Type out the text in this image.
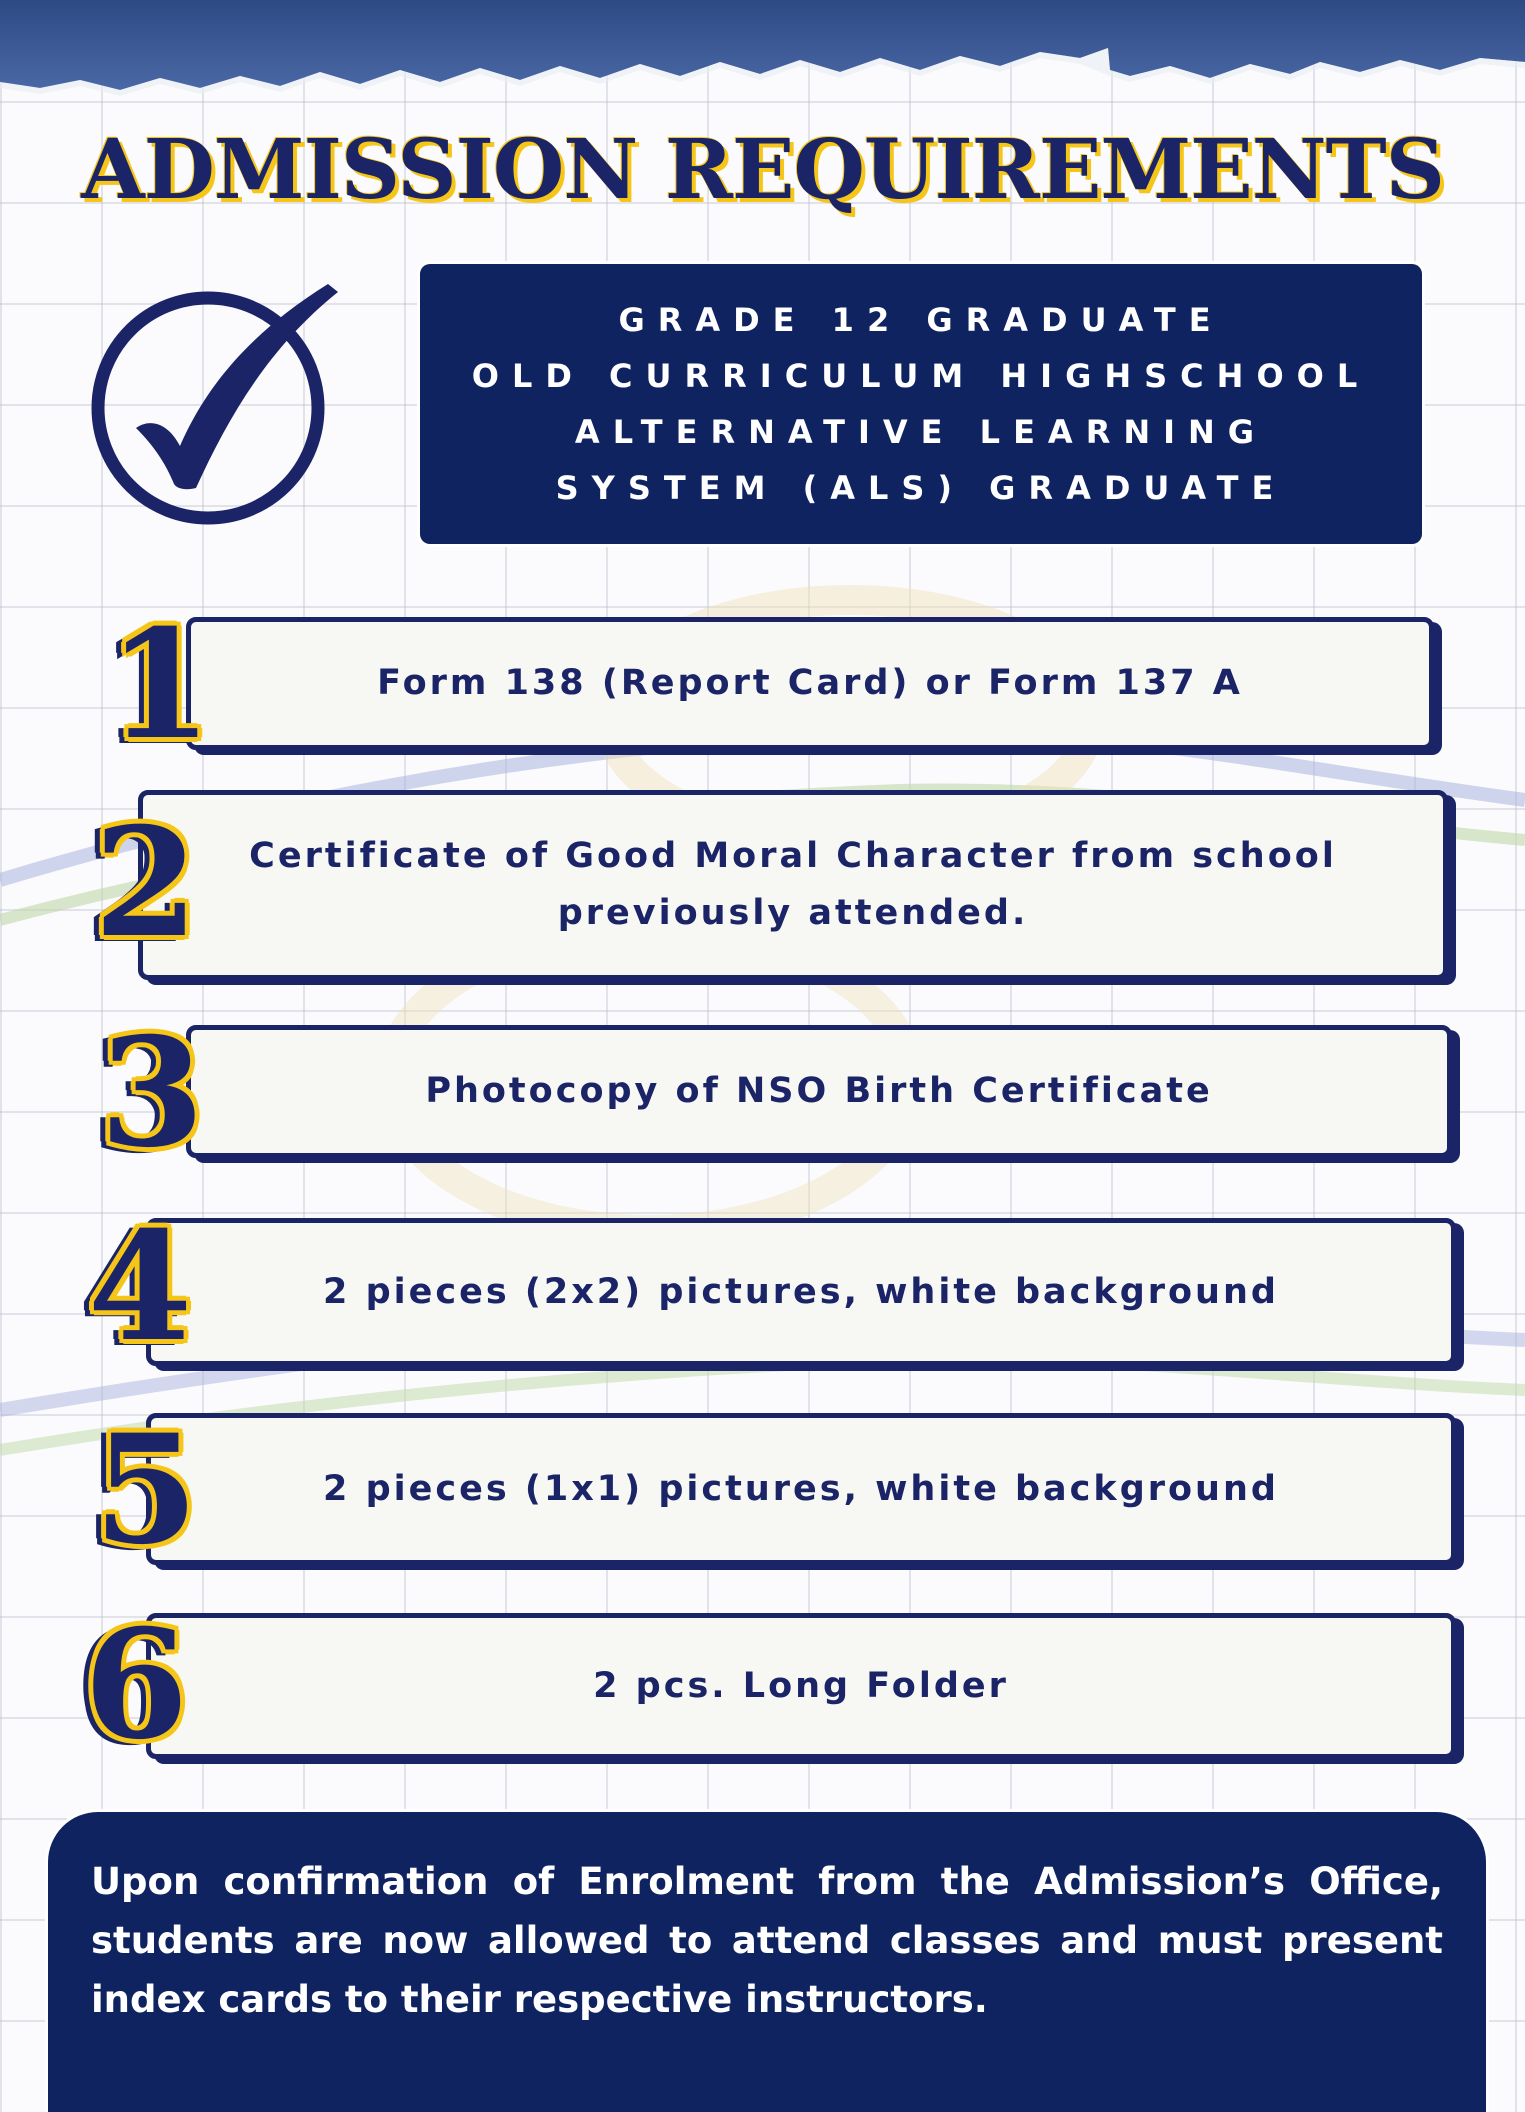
ADMISSION REQUIREMENTS
GRADE 12 GRADUATE
OLD CURRICULUM HIGHSCHOOL
ALTERNATIVE LEARNING
SYSTEM (ALS) GRADUATE
Form 138 (Report Card) or Form 137 A
1
Certificate of Good Moral Character from school previously attended.
2
Photocopy of NSO Birth Certificate
3
2 pieces (2x2) pictures, white background
4
2 pieces (1x1) pictures, white background
5
2 pcs. Long Folder
6
Upon confirmation of Enrolment from the Admission’s Office, students are now allowed to attend classes and must present index cards to their respective instructors.
